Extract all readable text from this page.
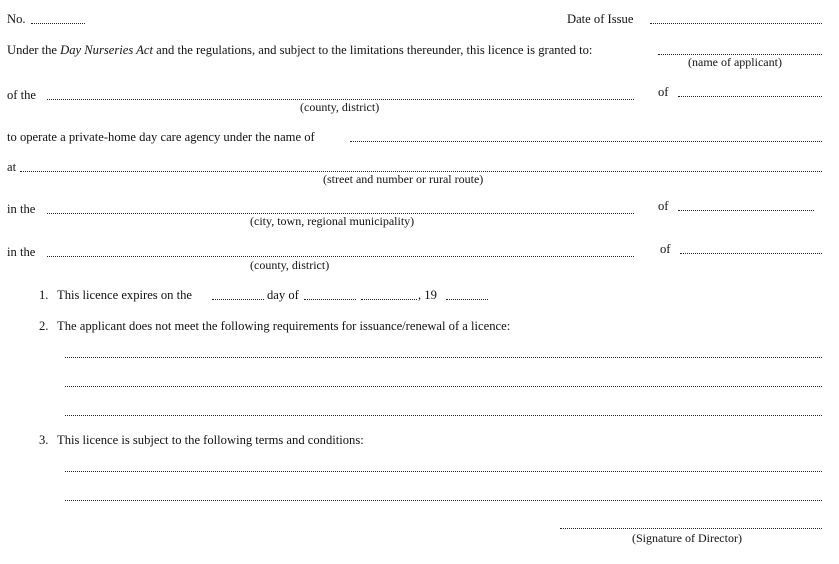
No.	Date of Issue
Under the Day Nurseries Act and the regulations, and subject to the limitations thereunder, this licence is granted to:
(name of applicant)
of the
(county, district)
of
to operate a private-home day care agency under the name of
at
(street and number or rural route)
in the
(city, town, regional municipality)
of
in the
(county, district)
of
1. This licence expires on the	day of	, 19
2. The applicant does not meet the following requirements for issuance/renewal of a licence:
3. This licence is subject to the following terms and conditions:
(Signature of Director)
